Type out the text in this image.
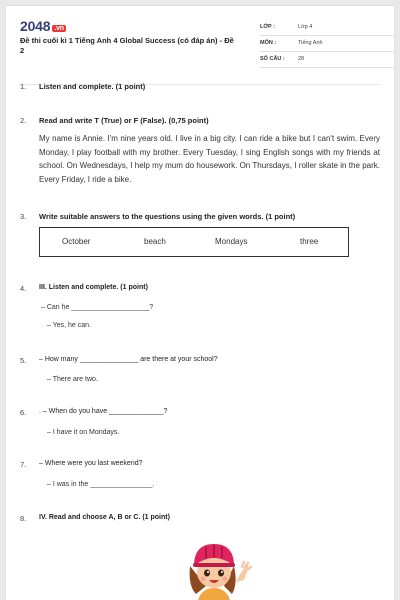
2048 .vn
Đề thi cuối kì 1 Tiếng Anh 4 Global Success (có đáp án) - Đề 2
LỚP :	Lớp 4
MÔN :	Tiếng Anh
SỐ CÂU : 28
1. Listen and complete. (1 point)
2. Read and write T (True) or F (False). (0,75 point)
My name is Annie. I'm nine years old. I live in a big city. I can ride a bike but I can't swim. Every Monday, I play football with my brother. Every Tuesday, I sing English songs with my friends at school. On Wednesdays, I help my mum do housework. On Thursdays, I roller skate in the park. Every Friday, I ride a bike.
3. Write suitable answers to the questions using the given words. (1 point)
October	beach	Mondays	three
4. III. Listen and complete. (1 point)
– Can he ____________________?
– Yes, he can.
5. – How many _______________ are there at your school?
– There are two.
6. . – When do you have ______________?
– I have it on Mondays.
7. – Where were you last weekend?
– I was in the ________________.
8. IV. Read and choose A, B or C. (1 point)
